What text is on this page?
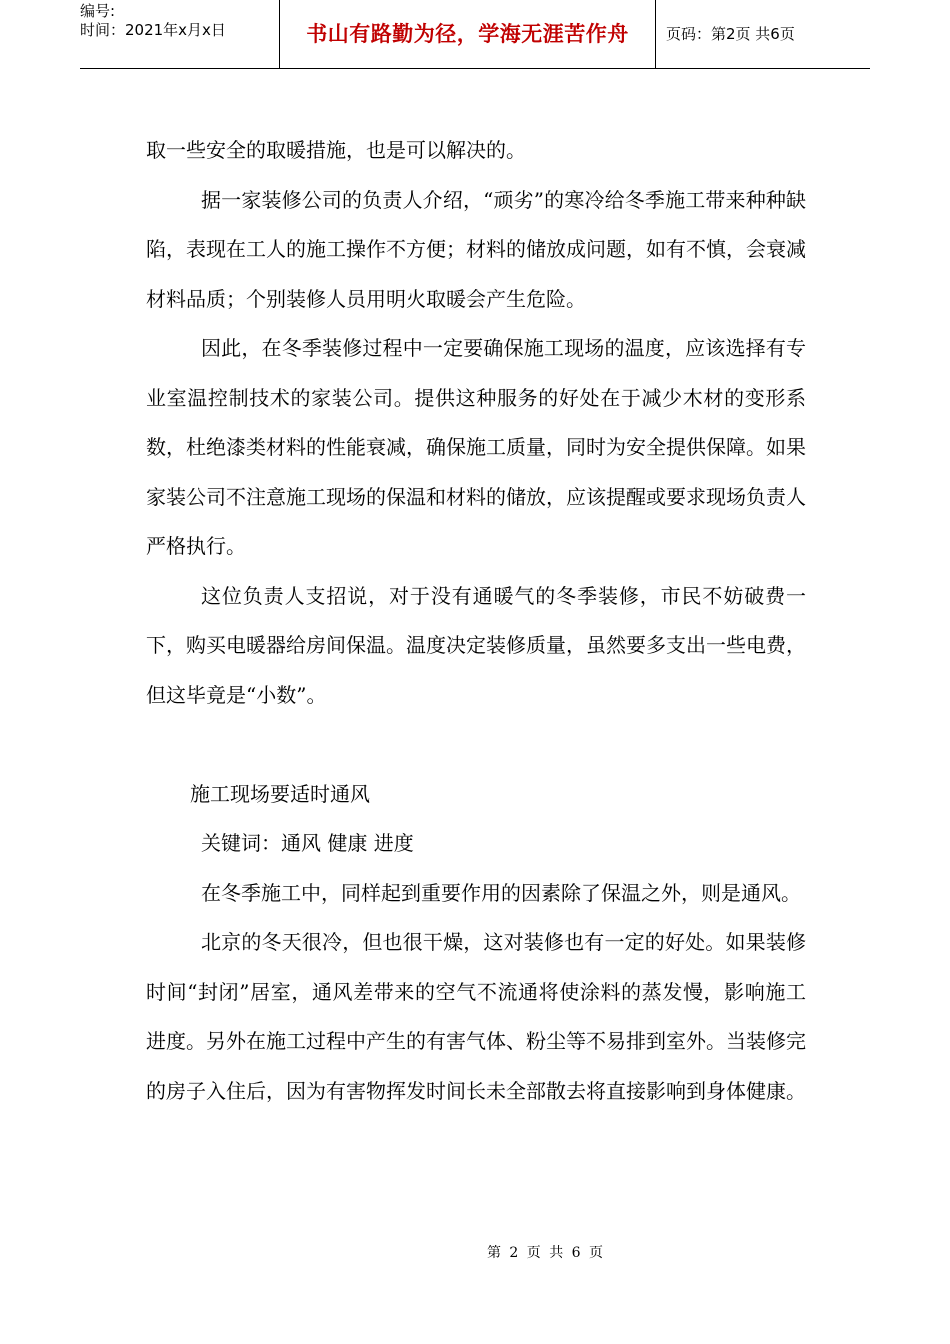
编号:
时间：2021年x月x日	书山有路勤为径，学海无涯苦作舟	页码：第2页 共6页

取一些安全的取暖措施，也是可以解决的。

据一家装修公司的负责人介绍，“顽劣”的寒冷给冬季施工带来种种缺陷，表现在工人的施工操作不方便；材料的储放成问题，如有不慎，会衰减材料品质；个别装修人员用明火取暖会产生危险。

因此，在冬季装修过程中一定要确保施工现场的温度，应该选择有专业室温控制技术的家装公司。提供这种服务的好处在于减少木材的变形系数，杜绝漆类材料的性能衰减，确保施工质量，同时为安全提供保障。如果家装公司不注意施工现场的保温和材料的储放，应该提醒或要求现场负责人严格执行。

这位负责人支招说，对于没有通暖气的冬季装修，市民不妨破费一下，购买电暖器给房间保温。温度决定装修质量，虽然要多支出一些电费，但这毕竟是“小数”。

施工现场要适时通风

关键词：通风 健康 进度

在冬季施工中，同样起到重要作用的因素除了保温之外，则是通风。

北京的冬天很冷，但也很干燥，这对装修也有一定的好处。如果装修时间“封闭”居室，通风差带来的空气不流通将使涂料的蒸发慢，影响施工进度。另外在施工过程中产生的有害气体、粉尘等不易排到室外。当装修完的房子入住后，因为有害物挥发时间长未全部散去将直接影响到身体健康。

第 2 页 共 6 页
